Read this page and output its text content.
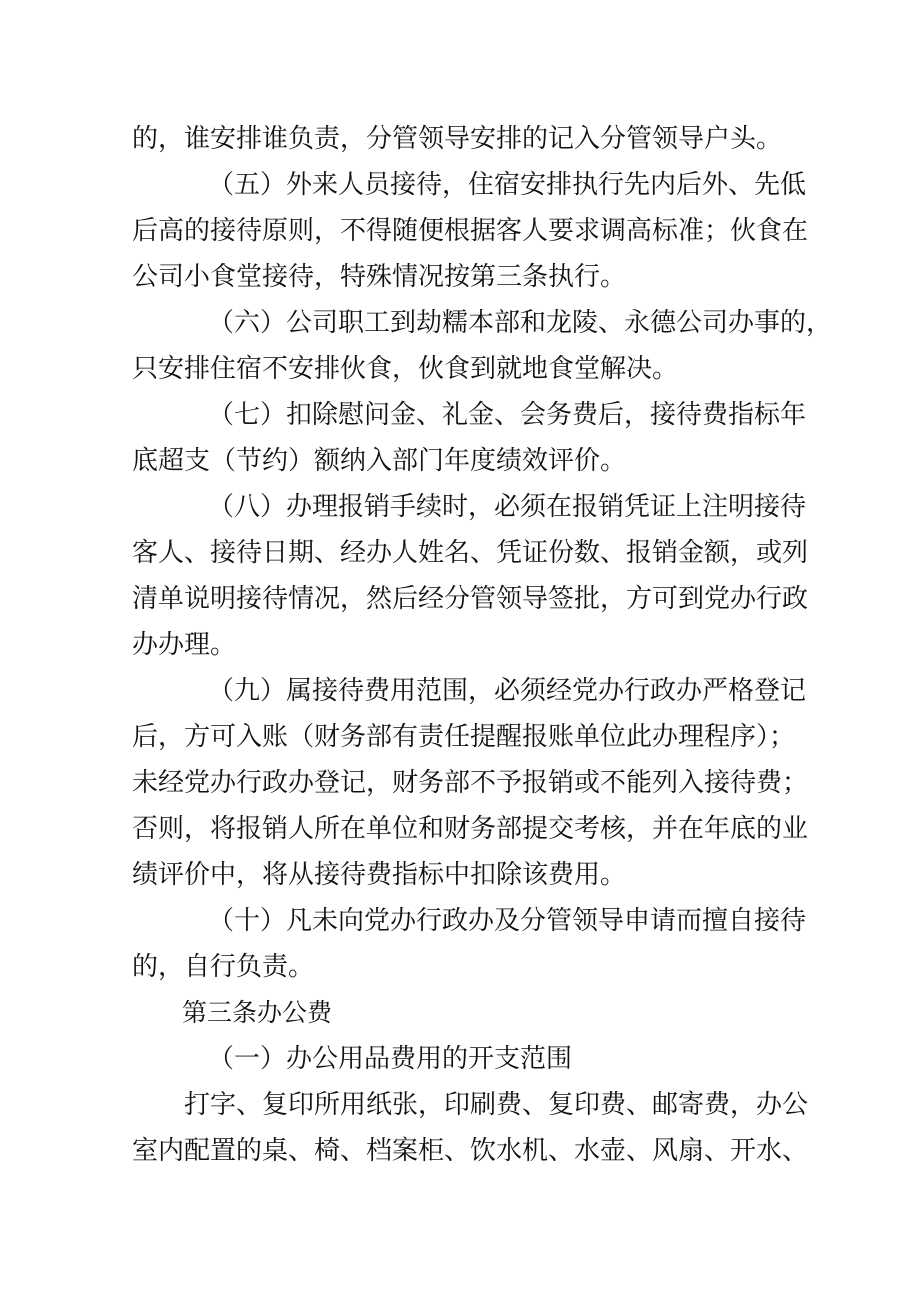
的，谁安排谁负责，分管领导安排的记入分管领导户头。
（五）外来人员接待，住宿安排执行先内后外、先低
后高的接待原则，不得随便根据客人要求调高标准；伙食在
公司小食堂接待，特殊情况按第三条执行。
（六）公司职工到劫糯本部和龙陵、永德公司办事的，
只安排住宿不安排伙食，伙食到就地食堂解决。
（七）扣除慰问金、礼金、会务费后，接待费指标年
底超支（节约）额纳入部门年度绩效评价。
（八）办理报销手续时，必须在报销凭证上注明接待
客人、接待日期、经办人姓名、凭证份数、报销金额，或列
清单说明接待情况，然后经分管领导签批，方可到党办行政
办办理。
（九）属接待费用范围，必须经党办行政办严格登记
后，方可入账（财务部有责任提醒报账单位此办理程序）；
未经党办行政办登记，财务部不予报销或不能列入接待费；
否则，将报销人所在单位和财务部提交考核，并在年底的业
绩评价中，将从接待费指标中扣除该费用。
（十）凡未向党办行政办及分管领导申请而擅自接待
的，自行负责。
第三条办公费
（一）办公用品费用的开支范围
打字、复印所用纸张，印刷费、复印费、邮寄费，办公
室内配置的桌、椅、档案柜、饮水机、水壶、风扇、开水、
